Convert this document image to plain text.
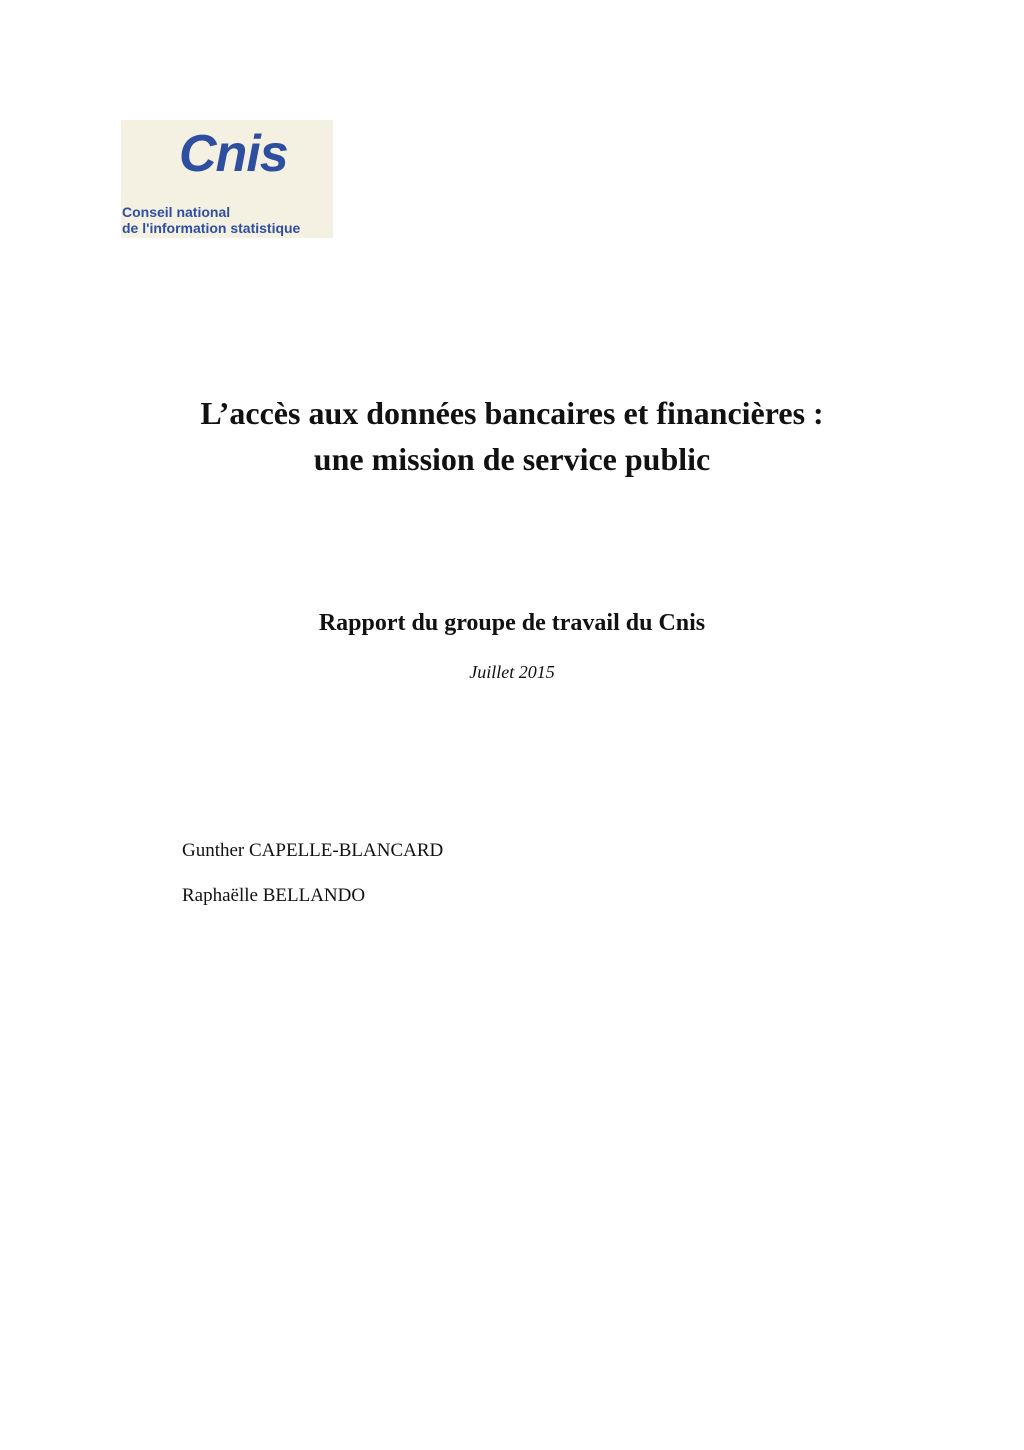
Cnis
Conseil national
de l'information statistique
L’accès aux données bancaires et financières :
une mission de service public
Rapport du groupe de travail du Cnis
Juillet 2015
Gunther CAPELLE-BLANCARD
Raphaëlle BELLANDO
